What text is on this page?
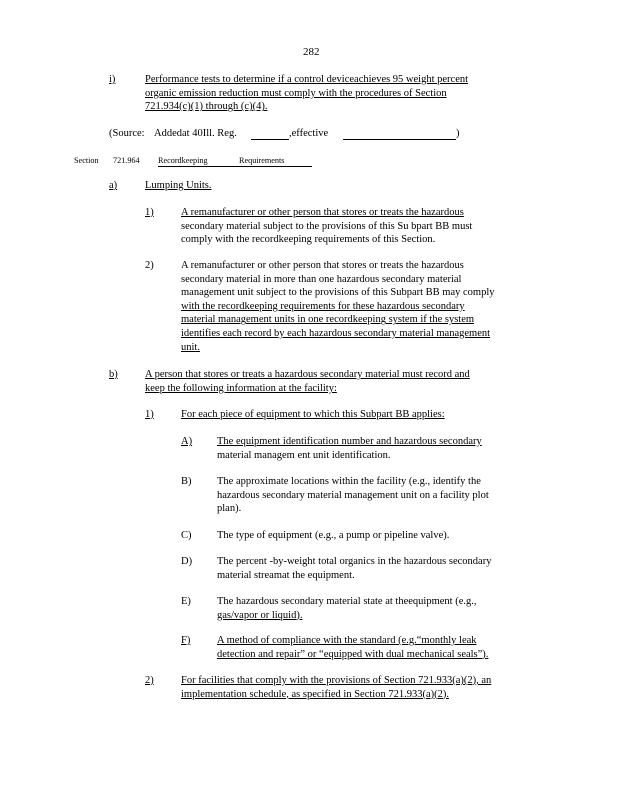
282
i)	Performance tests to determine if a control deviceachieves 95 weight percent
organic emission reduction must comply with the procedures of Section
721.934(c)(1) through (c)(4).
(Source: Addedat 40Ill. Reg.	,effective	)
Section 721.964 Recordkeeping	Requirements
a)	Lumping Units.
1)	A remanufacturer or other person that stores or treats the hazardous
secondary material subject to the provisions of this Su bpart BB must
comply with the recordkeeping requirements of this Section.
2)	A remanufacturer or other person that stores or treats the hazardous
secondary material in more than one hazardous secondary material
management unit subject to the provisions of this Subpart BB may comply
with the recordkeeping requirements for these hazardous secondary
material management units in one recordkeeping system if the system
identifies each record by each hazardous secondary material management
unit.
b)	A person that stores or treats a hazardous secondary material must record and
keep the following information at the facility:
1)	For each piece of equipment to which this Subpart BB applies:
A) The equipment identification number and hazardous secondary
material managem ent unit identification.
B) The approximate locations within the facility (e.g., identify the
hazardous secondary material management unit on a facility plot
plan).
C) The type of equipment (e.g., a pump or pipeline valve).
D) The percent -by-weight total organics in the hazardous secondary
material streamat the equipment.
E) The hazardous secondary material state at theequipment (e.g.,
gas/vapor or liquid).
F)	A method of compliance with the standard (e.g.“monthly leak
detection and repair” or “equipped with dual mechanical seals”).
2)	For facilities that comply with the provisions of Section 721.933(a)(2), an
implementation schedule, as specified in Section 721.933(a)(2).
